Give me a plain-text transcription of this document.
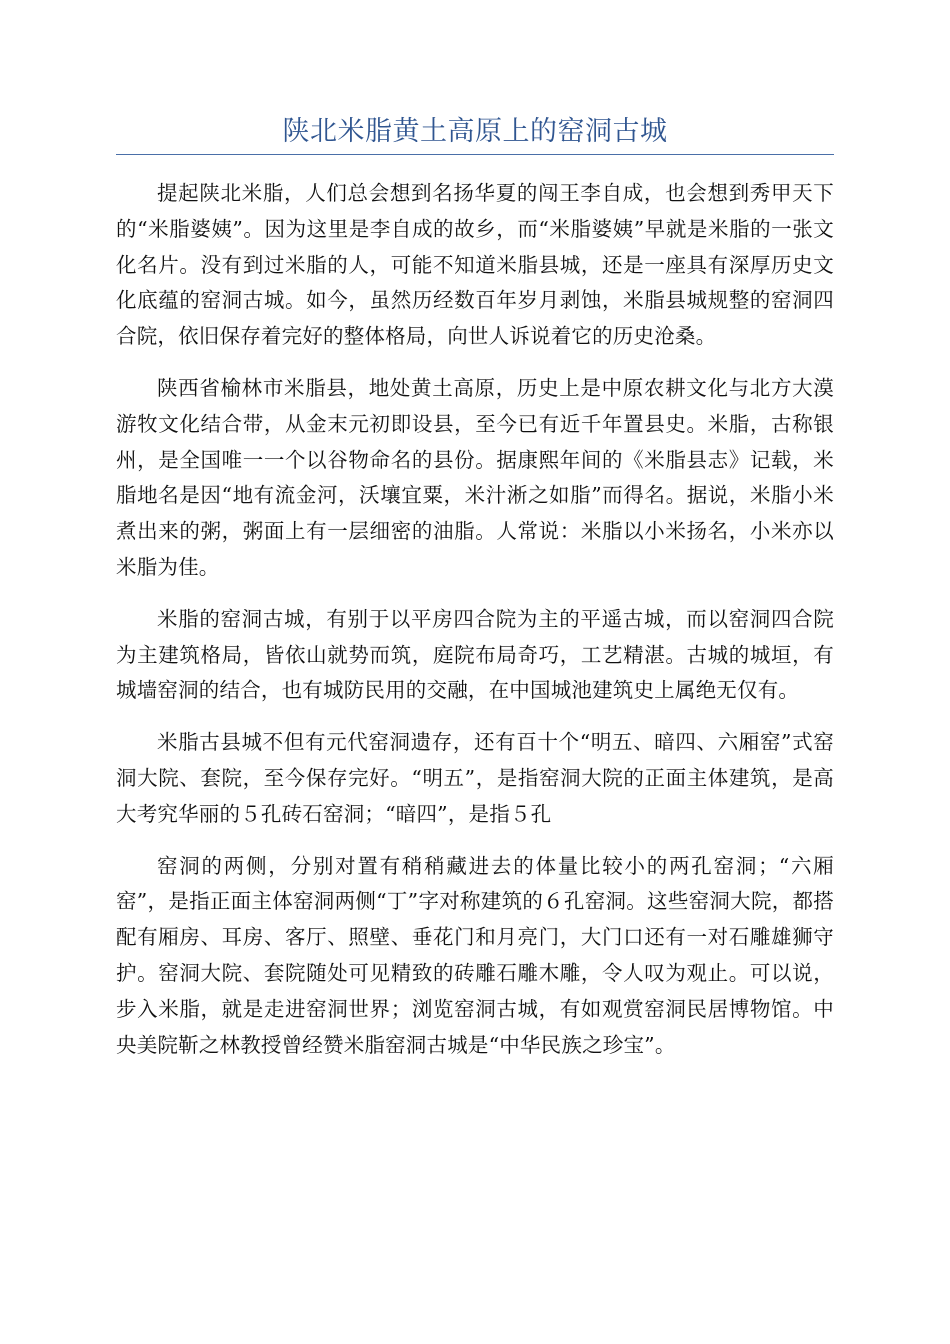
陕北米脂黄土高原上的窑洞古城

提起陕北米脂，人们总会想到名扬华夏的闯王李自成，也会想到秀甲天下的“米脂婆姨”。因为这里是李自成的故乡，而“米脂婆姨”早就是米脂的一张文化名片。没有到过米脂的人，可能不知道米脂县城，还是一座具有深厚历史文化底蕴的窑洞古城。如今，虽然历经数百年岁月剥蚀，米脂县城规整的窑洞四合院，依旧保存着完好的整体格局，向世人诉说着它的历史沧桑。

陕西省榆林市米脂县，地处黄土高原，历史上是中原农耕文化与北方大漠游牧文化结合带，从金末元初即设县，至今已有近千年置县史。米脂，古称银州，是全国唯一一个以谷物命名的县份。据康熙年间的《米脂县志》记载，米脂地名是因“地有流金河，沃壤宜粟，米汁淅之如脂”而得名。据说，米脂小米煮出来的粥，粥面上有一层细密的油脂。人常说：米脂以小米扬名，小米亦以米脂为佳。

米脂的窑洞古城，有别于以平房四合院为主的平遥古城，而以窑洞四合院为主建筑格局，皆依山就势而筑，庭院布局奇巧，工艺精湛。古城的城垣，有城墙窑洞的结合，也有城防民用的交融，在中国城池建筑史上属绝无仅有。

米脂古县城不但有元代窑洞遗存，还有百十个“明五、暗四、六厢窑”式窑洞大院、套院，至今保存完好。“明五”，是指窑洞大院的正面主体建筑，是高大考究华丽的５孔砖石窑洞；“暗四”，是指５孔

窑洞的两侧，分别对置有稍稍藏进去的体量比较小的两孔窑洞；“六厢窑”，是指正面主体窑洞两侧“丁”字对称建筑的６孔窑洞。这些窑洞大院，都搭配有厢房、耳房、客厅、照壁、垂花门和月亮门，大门口还有一对石雕雄狮守护。窑洞大院、套院随处可见精致的砖雕石雕木雕，令人叹为观止。可以说，步入米脂，就是走进窑洞世界；浏览窑洞古城，有如观赏窑洞民居博物馆。中央美院靳之林教授曾经赞米脂窑洞古城是“中华民族之珍宝”。
